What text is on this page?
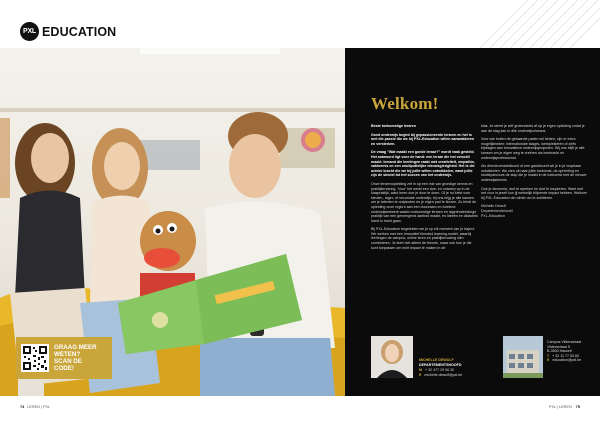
PXL EDUCATION
GRAAG MEER
WETEN?
SCAN DE
CODE!
74 LEREN | PXL
Welkom!

Beste toekomstige leraren

Goed onderwijs begint bij gepassioneerde leraren en het is met die passie die we bij PXL-Education willen aanwakkeren en versterken.

De vraag "Wat maakt een goede leraar?" wordt vaak gesteld. Het antwoord ligt voor de hand: een leraar die het verschil maakt. Iemand die leerlingen raakt met creativiteit, empathie, vakkennis en een onuitputtelijke nieuwsgierigheid. Het is die unieke kracht die we bij jullie willen ontwikkelen, want jullie zijn de sleutel tot het succes van het onderwijs.

Onze lerarenopleiding zet in op een mix van grondige kennis en praktijkervaring. 'Voor' het werkt een doe- en ontwerp op in de klaspraktijk, want leren doe je door te doen. Of je nu kiest voor kleuter-, lager- of secundair onderwijs, bij ons krijg je alle kansen om je talenten te ontplooien en je eigen pad te kiezen. Zo bindt de opleiding onze regio's aan een duurzaam en boeiend onderwijsnetwerk waarin toekomstige leraren en lagerendeelzinge praktijk van een gemengend aanbod maakt, en ideeën en didactiek hand in hand gaan.

Bij PXL-Education begeleiden we je op elk moment van je traject. We werken met een innovatief blended learning-model, waarbij leerlingen de campus, online leren en praktijkervaring slim combineren. Je leert niet alleen de theorie, maar ook hoe je die kunt toepassen om echt impact te maken in de

klas. Je stemt je zelf grotendeels af op je eigen opleiding zodat je aan de slag kan in alle onderwijsniveaus.

Voor wie buiten de gebaande paden wil treden, zijn er extra mogelijkheden: internationale stages, werkplekleren of zelfs bijdragen aan innovatieve onderwijsprojecten. Wij ons blijft je alle kansen om je eigen weg te creëren als leerkracht en onderwijsprofessional.

Als directeurinstelsbond of een gastdocent wil je in je loopbaan ontwikkelen. We zien uit naar jullie toekomst, de oprichting en studieparcours de stap die je maakt in de toekomst met de nieuwe onderwijskennis.

Ook je decennia, durf te spreken en durf te inspireren. Want met het vuur in jezelf kun jij werkelijk blijvende impact hebben. Welkom bij PXL-Education de ruimte om te schitteren.

Michelle Dewulf
Departementshoofd
PXL-Education

MICHELLE DEWULF
DEPARTEMENTSHOOFD
M + 32 477 29 06 30
E michelle.dewulf@pxl.be
Campus Vildersstraat
Vildersstraat 5
B-3500 Hasselt
T + 32 11 77 53 60
E education@pxl.be
PXL | LEREN 75
